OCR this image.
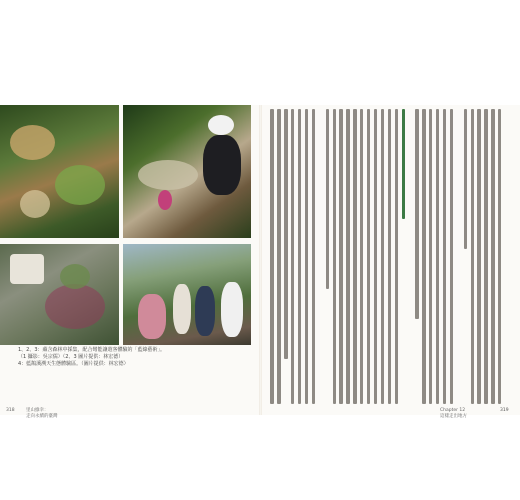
1、2、3：蘊含森林中採集，配合彎能讓遊客體驗的「藍綠藝術」。
（1 攝影：吳宗儒）（2、3 圖片提供：林宏德）
4：藍鵲溪溯天生態體驗區。（圖片提供：林宏德）
318	里山綠幸：
走向永續的臺灣
Chapter 12
這樣走出地方
319
